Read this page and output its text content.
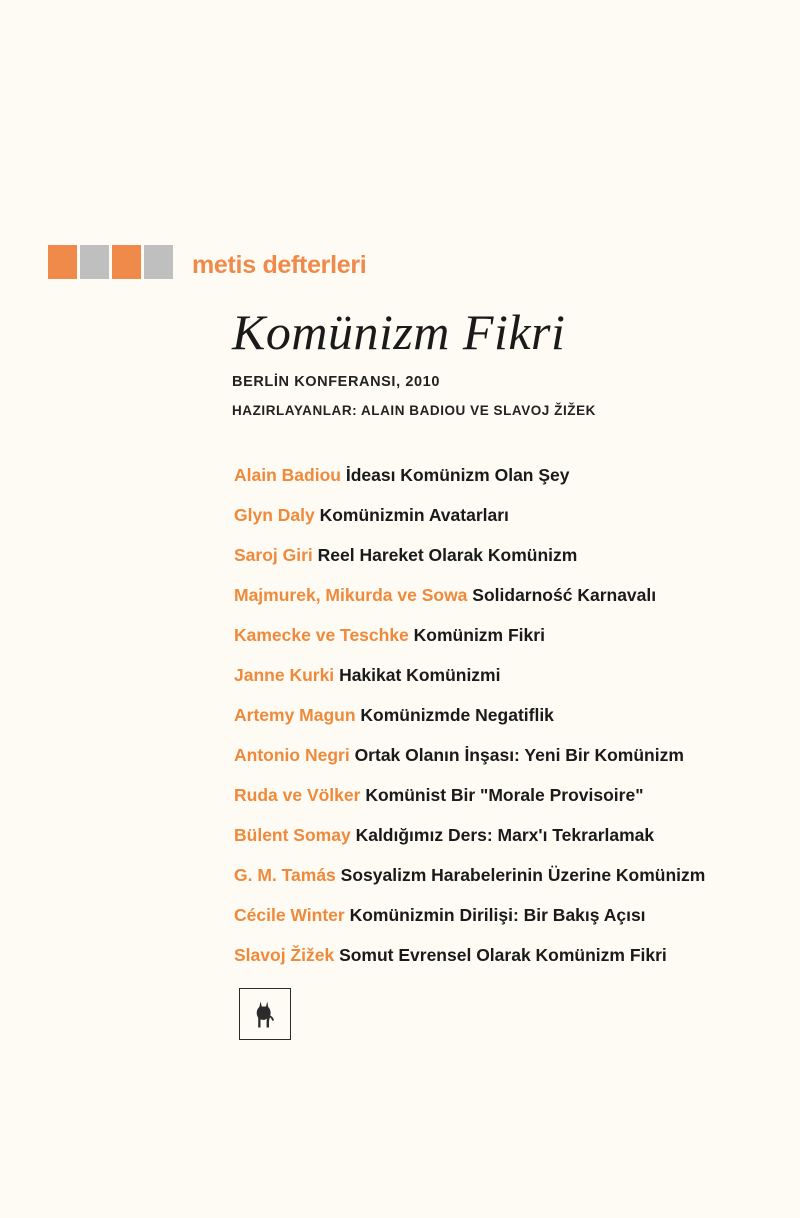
metis defterleri
Komünizm Fikri
BERLİN KONFERANSI, 2010
HAZIRLAYANLAR: ALAIN BADIOU VE SLAVOJ ŽIŽEK
Alain Badiou İdeası Komünizm Olan Şey
Glyn Daly Komünizmin Avatarları
Saroj Giri Reel Hareket Olarak Komünizm
Majmurek, Mikurda ve Sowa Solidarność Karnavalı
Kamecke ve Teschke Komünizm Fikri
Janne Kurki Hakikat Komünizmi
Artemy Magun Komünizmde Negatiflik
Antonio Negri Ortak Olanın İnşası: Yeni Bir Komünizm
Ruda ve Völker Komünist Bir "Morale Provisoire"
Bülent Somay Kaldığımız Ders: Marx'ı Tekrarlamak
G. M. Tamás Sosyalizm Harabelerinin Üzerine Komünizm
Cécile Winter Komünizmin Dirilişi: Bir Bakış Açısı
Slavoj Žižek Somut Evrensel Olarak Komünizm Fikri
